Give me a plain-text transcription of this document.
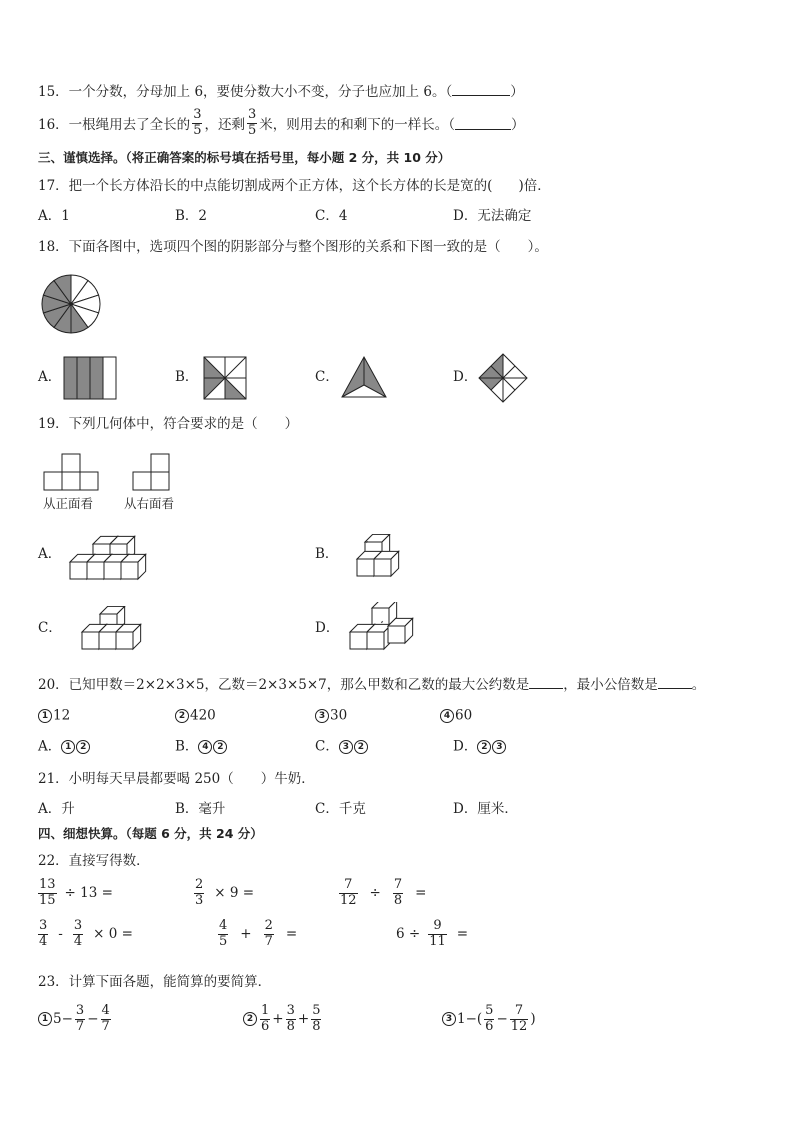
15．一个分数，分母加上 6，要使分数大小不变，分子也应加上 6。（	）
16．一根绳用去了全长的 $\frac{3}{5}$ ，还剩 $\frac{3}{5}$ 米，则用去的和剩下的一样长。（	）
三、谨慎选择。（将正确答案的标号填在括号里，每小题 2 分，共 10 分）
17．把一个长方体沿长的中点能切割成两个正方体，这个长方体的长是宽的( )倍．
A．1	B．2	C．4	D．无法确定
18．下面各图中，选项四个图的阴影部分与整个图形的关系和下图一致的是（　　）。
A．	B．	C．	D．
19．下列几何体中，符合要求的是（　　）
从正面看 从右面看
A．	B．
C．	D．
20．已知甲数＝2×2×3×5，乙数＝2×3×5×7，那么甲数和乙数的最大公约数是	，最小公倍数是	。
1 12	2 420	3 30	4 60
A． 1 2	B． 4 2	C． 3 2	D． 2 3
21．小明每天早晨都要喝 250（　　）牛奶．
A．升	B．毫升	C．千克	D．厘米．
四、细想快算。（每题 6 分，共 24 分）
22．直接写得数．
$\frac{13}{15} \div 13$ =	$\frac{2}{3} \times 9$ =	$\frac{7}{12} \div \frac{7}{8}$ =
$\frac{3}{4} - \frac{3}{4} \times 0$ =	$\frac{4}{5} + \frac{2}{7}$ =	$6 \div \frac{9}{11}$ =
23．计算下面各题，能简算的要简算．
1 $5- \frac{3}{7} - \frac{4}{7}$	$2 \frac{1}{6} + \frac{3}{8} + \frac{5}{8}$	3 $1-( \frac{5}{6} - \frac{7}{12}$ )
